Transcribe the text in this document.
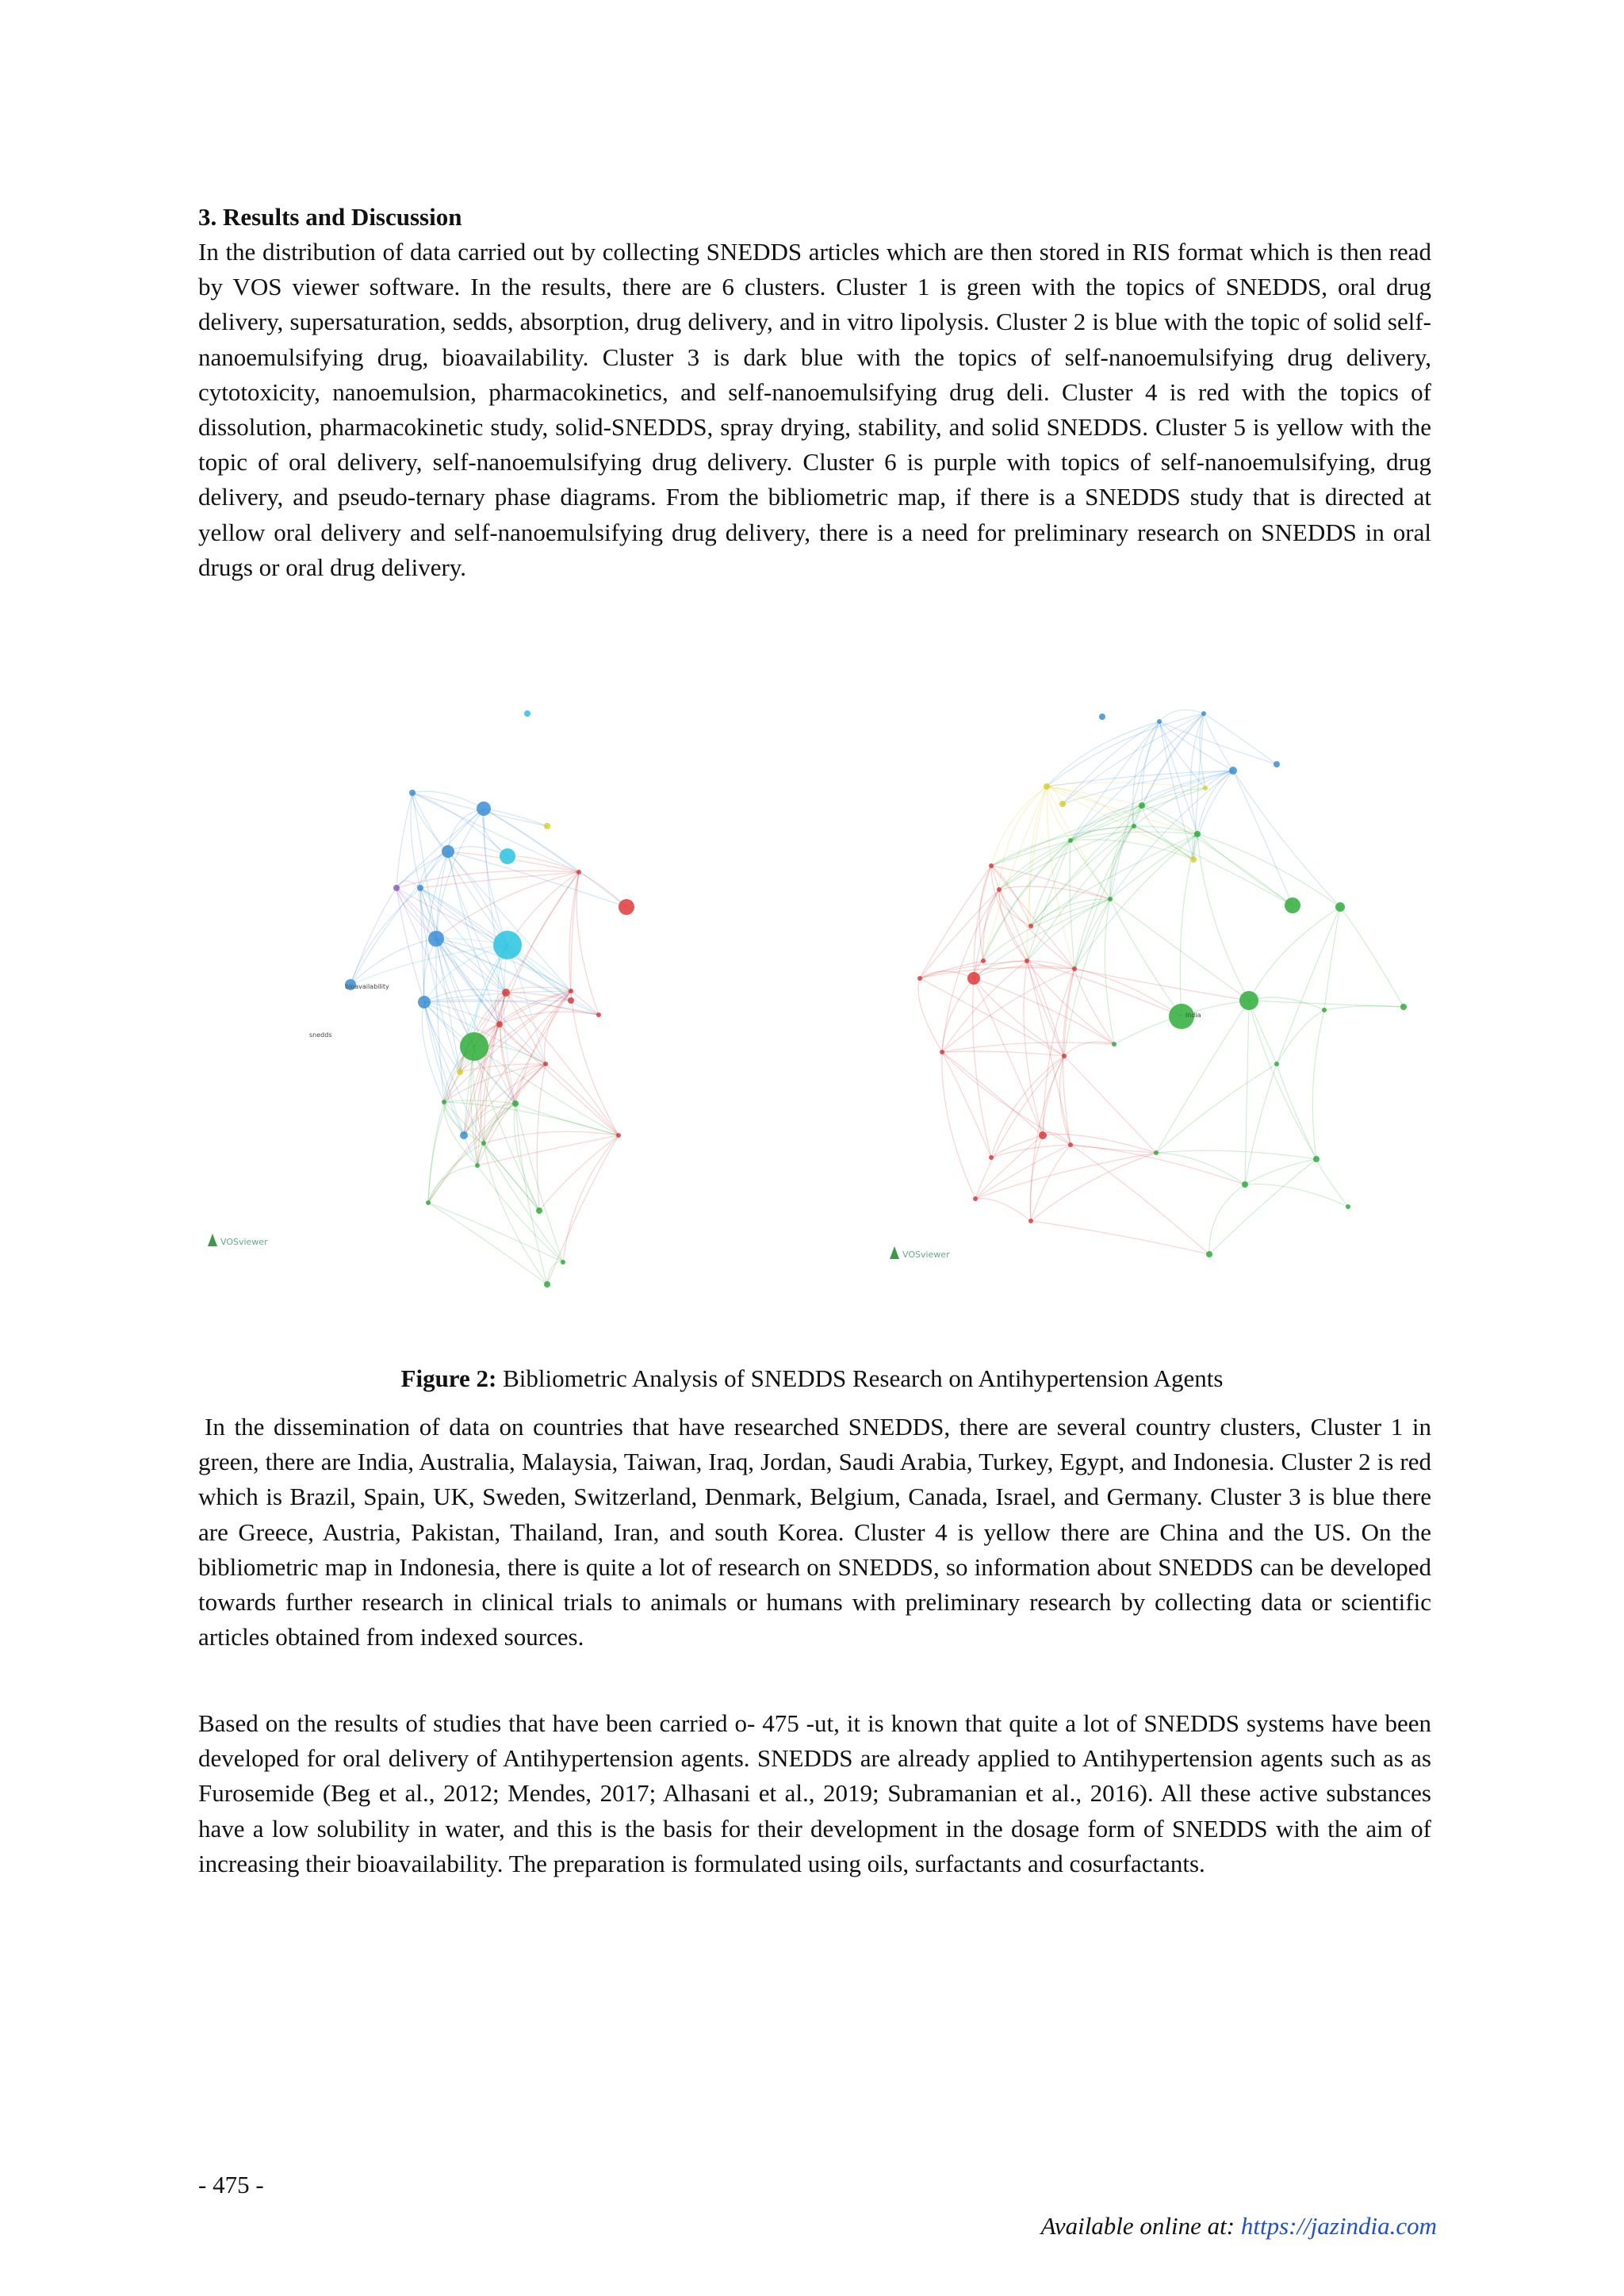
3. Results and Discussion

In the distribution of data carried out by collecting SNEDDS articles which are then stored in RIS format which is then read by VOS viewer software. In the results, there are 6 clusters. Cluster 1 is green with the topics of SNEDDS, oral drug delivery, supersaturation, sedds, absorption, drug delivery, and in vitro lipolysis. Cluster 2 is blue with the topic of solid self-nanoemulsifying drug, bioavailability. Cluster 3 is dark blue with the topics of self-nanoemulsifying drug delivery, cytotoxicity, nanoemulsion, pharmacokinetics, and self-nanoemulsifying drug deli. Cluster 4 is red with the topics of dissolution, pharmacokinetic study, solid-SNEDDS, spray drying, stability, and solid SNEDDS. Cluster 5 is yellow with the topic of oral delivery, self-nanoemulsifying drug delivery. Cluster 6 is purple with topics of self-nanoemulsifying, drug delivery, and pseudo-ternary phase diagrams. From the bibliometric map, if there is a SNEDDS study that is directed at yellow oral delivery and self-nanoemulsifying drug delivery, there is a need for preliminary research on SNEDDS in oral drugs or oral drug delivery.

bioavailability
snedds
VOSviewer
india
VOSviewer

Figure 2: Bibliometric Analysis of SNEDDS Research on Antihypertension Agents

In the dissemination of data on countries that have researched SNEDDS, there are several country clusters, Cluster 1 in green, there are India, Australia, Malaysia, Taiwan, Iraq, Jordan, Saudi Arabia, Turkey, Egypt, and Indonesia. Cluster 2 is red which is Brazil, Spain, UK, Sweden, Switzerland, Denmark, Belgium, Canada, Israel, and Germany. Cluster 3 is blue there are Greece, Austria, Pakistan, Thailand, Iran, and south Korea. Cluster 4 is yellow there are China and the US. On the bibliometric map in Indonesia, there is quite a lot of research on SNEDDS, so information about SNEDDS can be developed towards further research in clinical trials to animals or humans with preliminary research by collecting data or scientific articles obtained from indexed sources.

Based on the results of studies that have been carried o- 475 -ut, it is known that quite a lot of SNEDDS systems have been developed for oral delivery of Antihypertension agents. SNEDDS are already applied to Antihypertension agents such as as Furosemide (Beg et al., 2012; Mendes, 2017; Alhasani et al., 2019; Subramanian et al., 2016). All these active substances have a low solubility in water, and this is the basis for their development in the dosage form of SNEDDS with the aim of increasing their bioavailability. The preparation is formulated using oils, surfactants and cosurfactants.

- 475 -

Available online at: https://jazindia.com
